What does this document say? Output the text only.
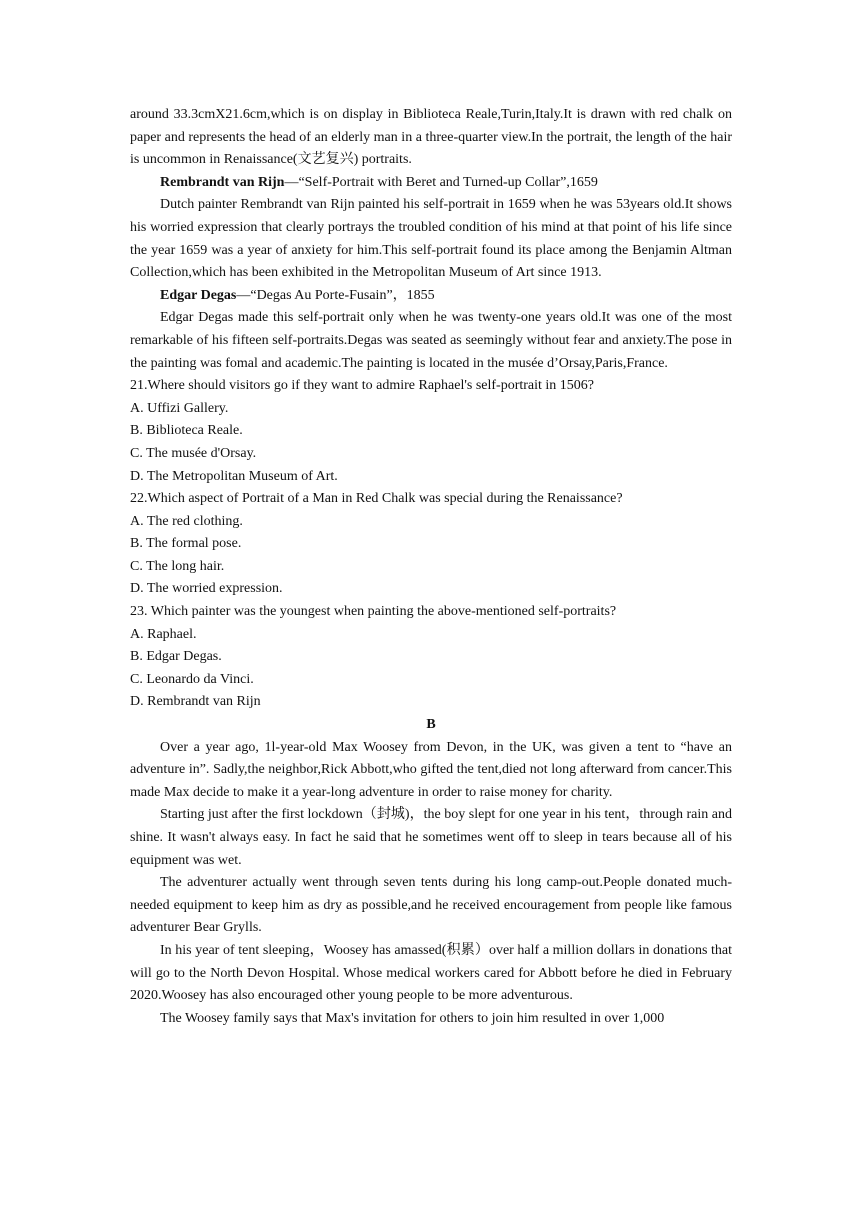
around 33.3cmX21.6cm,which is on display in Biblioteca Reale,Turin,Italy.It is drawn with red chalk on paper and represents the head of an elderly man in a three-quarter view.In the portrait, the length of the hair is uncommon in Renaissance(文艺复兴) portraits.

Rembrandt van Rijn—“Self-Portrait with Beret and Turned-up Collar”,1659

Dutch painter Rembrandt van Rijn painted his self-portrait in 1659 when he was 53years old.It shows his worried expression that clearly portrays the troubled condition of his mind at that point of his life since the year 1659 was a year of anxiety for him.This self-portrait found its place among the Benjamin Altman Collection,which has been exhibited in the Metropolitan Museum of Art since 1913.

Edgar Degas—“Degas Au Porte-Fusain”，1855

Edgar Degas made this self-portrait only when he was twenty-one years old.It was one of the most remarkable of his fifteen self-portraits.Degas was seated as seemingly without fear and anxiety.The pose in the painting was fomal and academic.The painting is located in the musée d’Orsay,Paris,France.

21.Where should visitors go if they want to admire Raphael's self-portrait in 1506?

A. Uffizi Gallery.

B. Biblioteca Reale.

C. The musée d'Orsay.

D. The Metropolitan Museum of Art.

22.Which aspect of Portrait of a Man in Red Chalk was special during the Renaissance?

A. The red clothing.

B. The formal pose.

C. The long hair.

D. The worried expression.

23. Which painter was the youngest when painting the above-mentioned self-portraits?

A. Raphael.

B. Edgar Degas.

C. Leonardo da Vinci.

D. Rembrandt van Rijn

B

Over a year ago, 1l-year-old Max Woosey from Devon, in the UK, was given a tent to “have an adventure in”. Sadly,the neighbor,Rick Abbott,who gifted the tent,died not long afterward from cancer.This made Max decide to make it a year-long adventure in order to raise money for charity.

Starting just after the first lockdown（封城)，the boy slept for one year in his tent，through rain and shine. It wasn't always easy. In fact he said that he sometimes went off to sleep in tears because all of his equipment was wet.

The adventurer actually went through seven tents during his long camp-out.People donated much-needed equipment to keep him as dry as possible,and he received encouragement from people like famous adventurer Bear Grylls.

In his year of tent sleeping，Woosey has amassed(积累）over half a million dollars in donations that will go to the North Devon Hospital. Whose medical workers cared for Abbott before he died in February 2020.Woosey has also encouraged other young people to be more adventurous.

The Woosey family says that Max's invitation for others to join him resulted in over 1,000
